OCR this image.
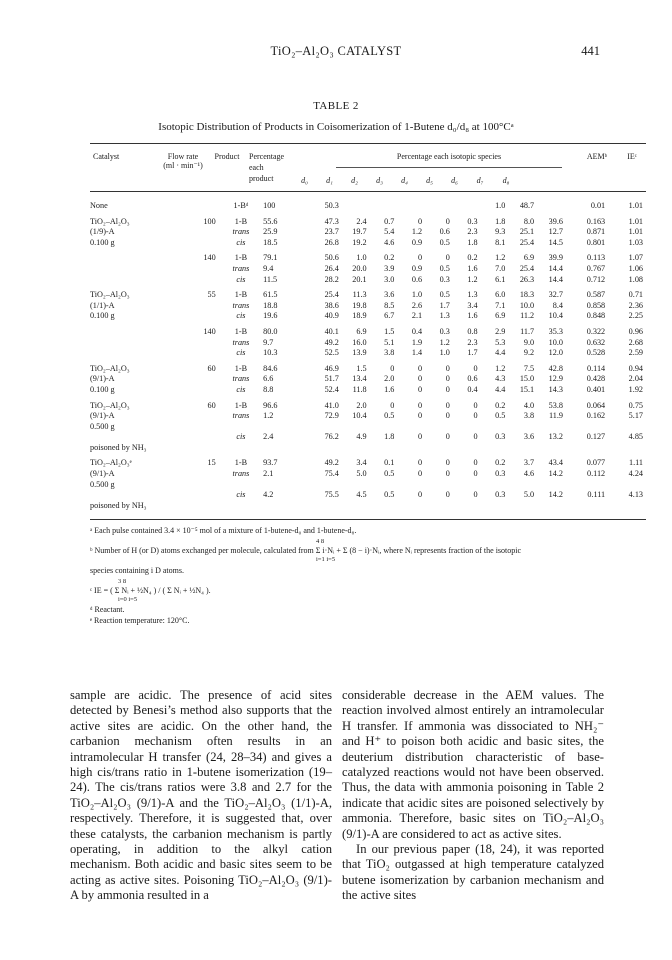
TiO₂–Al₂O₃ CATALYST	441
TABLE 2
Isotopic Distribution of Products in Coisomerization of 1-Butene d₀/d₈ at 100°Cᵃ
Catalyst	Flow rate
(ml · min⁻¹)
Product	Percentage
each
product
Percentage each isotopic species	AEMᵇ	IEᶜ
d₀	d₁	d₂	d₃	d₄	d₅	d₆	d₇	d₈
None		1-Bᵈ	100	50.3						1.0	48.7		0.01	1.01

TiO₂–Al₂O₃	100	1-B	55.6	47.3	2.4	0.7	0	0	0.3	1.8	8.0	39.6	0.163	1.01
(1/9)-A		trans	25.9	23.7	19.7	5.4	1.2	0.6	2.3	9.3	25.1	12.7	0.871	1.01
0.100 g		cis	18.5	26.8	19.2	4.6	0.9	0.5	1.8	8.1	25.4	14.5	0.801	1.03

	140	1-B	79.1	50.6	1.0	0.2	0	0	0.2	1.2	6.9	39.9	0.113	1.07
		trans	9.4	26.4	20.0	3.9	0.9	0.5	1.6	7.0	25.4	14.4	0.767	1.06
		cis	11.5	28.2	20.1	3.0	0.6	0.3	1.2	6.1	26.3	14.4	0.712	1.08

TiO₂–Al₂O₃	55	1-B	61.5	25.4	11.3	3.6	1.0	0.5	1.3	6.0	18.3	32.7	0.587	0.71
(1/1)-A		trans	18.8	38.6	19.8	8.5	2.6	1.7	3.4	7.1	10.0	8.4	0.858	2.36
0.100 g		cis	19.6	40.9	18.9	6.7	2.1	1.3	1.6	6.9	11.2	10.4	0.848	2.25

	140	1-B	80.0	40.1	6.9	1.5	0.4	0.3	0.8	2.9	11.7	35.3	0.322	0.96
		trans	9.7	49.2	16.0	5.1	1.9	1.2	2.3	5.3	9.0	10.0	0.632	2.68
		cis	10.3	52.5	13.9	3.8	1.4	1.0	1.7	4.4	9.2	12.0	0.528	2.59

TiO₂–Al₂O₃	60	1-B	84.6	46.9	1.5	0	0	0	0	1.2	7.5	42.8	0.114	0.94
(9/1)-A		trans	6.6	51.7	13.4	2.0	0	0	0.6	4.3	15.0	12.9	0.428	2.04
0.100 g		cis	8.8	52.4	11.8	1.6	0	0	0.4	4.4	15.1	14.3	0.401	1.92

TiO₂–Al₂O₃	60	1-B	96.6	41.0	2.0	0	0	0	0	0.2	4.0	53.8	0.064	0.75
(9/1)-A		trans	1.2	72.9	10.4	0.5	0	0	0	0.5	3.8	11.9	0.162	5.17
0.500 g														
		cis	2.4	76.2	4.9	1.8	0	0	0	0.3	3.6	13.2	0.127	4.85
poisoned by NH₃														

TiO₂–Al₂O₃ᵉ	15	1-B	93.7	49.2	3.4	0.1	0	0	0	0.2	3.7	43.4	0.077	1.11
(9/1)-A		trans	2.1	75.4	5.0	0.5	0	0	0	0.3	4.6	14.2	0.112	4.24
0.500 g														
		cis	4.2	75.5	4.5	0.5	0	0	0	0.3	5.0	14.2	0.111	4.13
poisoned by NH₃														
ᵃ Each pulse contained 3.4 × 10⁻⁵ mol of a mixture of 1-butene-d₀ and 1-butene-d₈.
4 8
ᵇ Number of H (or D) atoms exchanged per molecule, calculated from Σ i·Nᵢ + Σ (8 − i)·Nᵢ, where Nᵢ represents fraction of the isotopic
i=1 i=5
species containing i D atoms.
3 8
ᶜ IE = ( Σ Nᵢ + ½N₄ ) / ( Σ Nᵢ + ½N₄ ).
i=0 i=5
ᵈ Reactant.
ᵉ Reaction temperature: 120°C.

sample are acidic. The presence of acid sites detected by Benesi’s method also supports that the active sites are acidic. On the other hand, the carbanion mechanism often results in an intramolecular H transfer (24, 28–34) and gives a high cis/trans ratio in 1-butene isomerization (19–24). The cis/trans ratios were 3.8 and 2.7 for the TiO₂–Al₂O₃ (9/1)-A and the TiO₂–Al₂O₃ (1/1)-A, respectively. Therefore, it is suggested that, over these catalysts, the carbanion mechanism is partly operating, in addition to the alkyl cation mechanism. Both acidic and basic sites seem to be acting as active sites. Poisoning TiO₂–Al₂O₃ (9/1)-A by ammonia resulted in a

considerable decrease in the AEM values. The reaction involved almost entirely an intramolecular H transfer. If ammonia was dissociated to NH₂⁻ and H⁺ to poison both acidic and basic sites, the deuterium distribution characteristic of base-catalyzed reactions would not have been observed. Thus, the data with ammonia poisoning in Table 2 indicate that acidic sites are poisoned selectively by ammonia. Therefore, basic sites on TiO₂–Al₂O₃ (9/1)-A are considered to act as active sites.

In our previous paper (18, 24), it was reported that TiO₂ outgassed at high temperature catalyzed butene isomerization by carbanion mechanism and the active sites
